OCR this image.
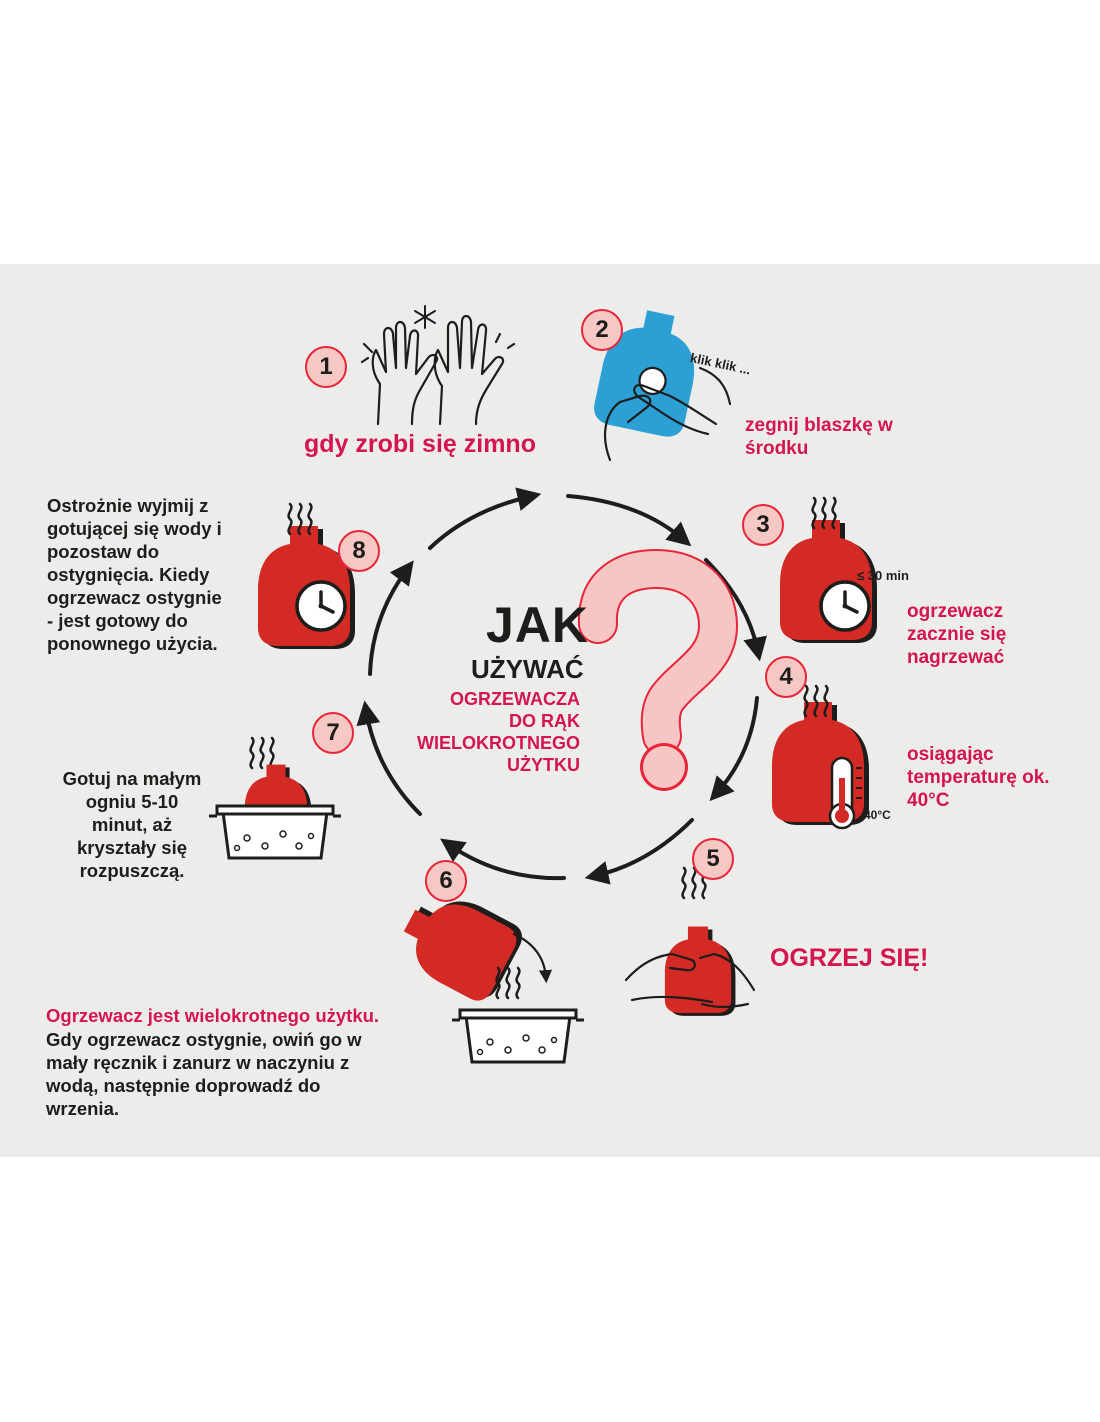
JAK

UŻYWAĆ

OGRZEWACZA
DO RĄK
WIELOKROTNEGO
UŻYTKU

1
2
3
4
5
6
7
8

gdy zrobi się zimno

klik klik ...

zegnij blaszkę w
środku

≤ 30 min

ogrzewacz
zacznie się
nagrzewać

40°C

osiągając
temperaturę ok.
40°C

OGRZEJ SIĘ!

Ogrzewacz jest wielokrotnego użytku.

Gdy ogrzewacz ostygnie, owiń go w
mały ręcznik i zanurz w naczyniu z
wodą, następnie doprowadź do
wrzenia.

Gotuj na małym
ogniu 5-10
minut, aż
kryształy się
rozpuszczą.

Ostrożnie wyjmij z
gotującej się wody i
pozostaw do
ostygnięcia. Kiedy
ogrzewacz ostygnie
- jest gotowy do
ponownego użycia.
